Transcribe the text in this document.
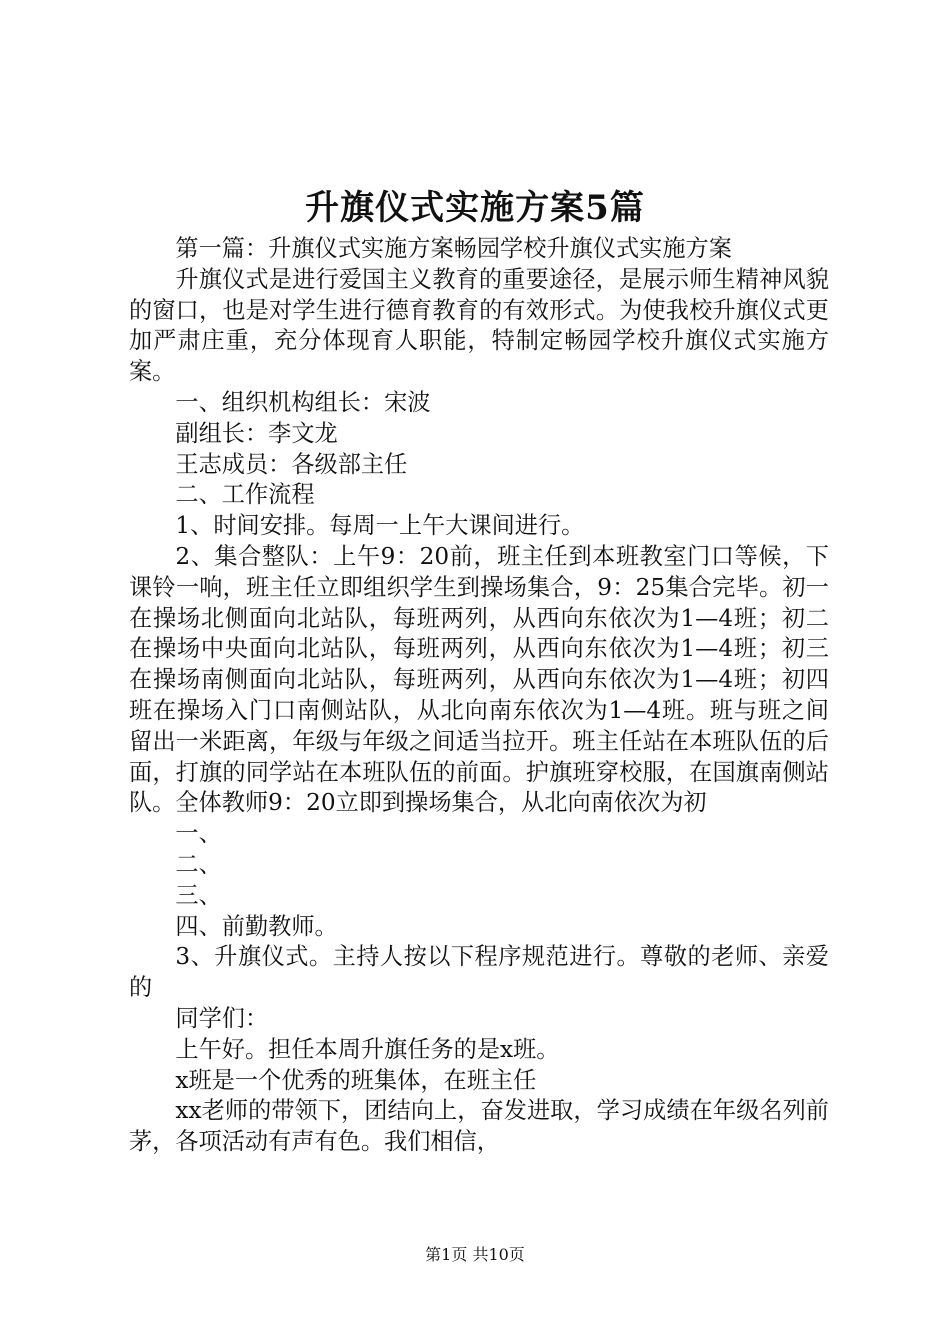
升旗仪式实施方案5篇

第一篇：升旗仪式实施方案畅园学校升旗仪式实施方案

升旗仪式是进行爱国主义教育的重要途径，是展示师生精神风貌的窗口，也是对学生进行德育教育的有效形式。为使我校升旗仪式更加严肃庄重，充分体现育人职能，特制定畅园学校升旗仪式实施方案。

一、组织机构组长：宋波

副组长：李文龙

王志成员：各级部主任

二、工作流程

1、时间安排。每周一上午大课间进行。

2、集合整队：上午9：20前，班主任到本班教室门口等候，下课铃一响，班主任立即组织学生到操场集合，9：25集合完毕。初一在操场北侧面向北站队，每班两列，从西向东依次为1—4班；初二在操场中央面向北站队，每班两列，从西向东依次为1—4班；初三在操场南侧面向北站队，每班两列，从西向东依次为1—4班；初四班在操场入门口南侧站队，从北向南东依次为1—4班。班与班之间留出一米距离，年级与年级之间适当拉开。班主任站在本班队伍的后面，打旗的同学站在本班队伍的前面。护旗班穿校服，在国旗南侧站队。全体教师9：20立即到操场集合，从北向南依次为初

一、

二、

三、

四、前勤教师。

3、升旗仪式。主持人按以下程序规范进行。尊敬的老师、亲爱的

同学们：

上午好。担任本周升旗任务的是x班。

x班是一个优秀的班集体，在班主任

xx老师的带领下，团结向上，奋发进取，学习成绩在年级名列前茅，各项活动有声有色。我们相信，

第1页 共10页
